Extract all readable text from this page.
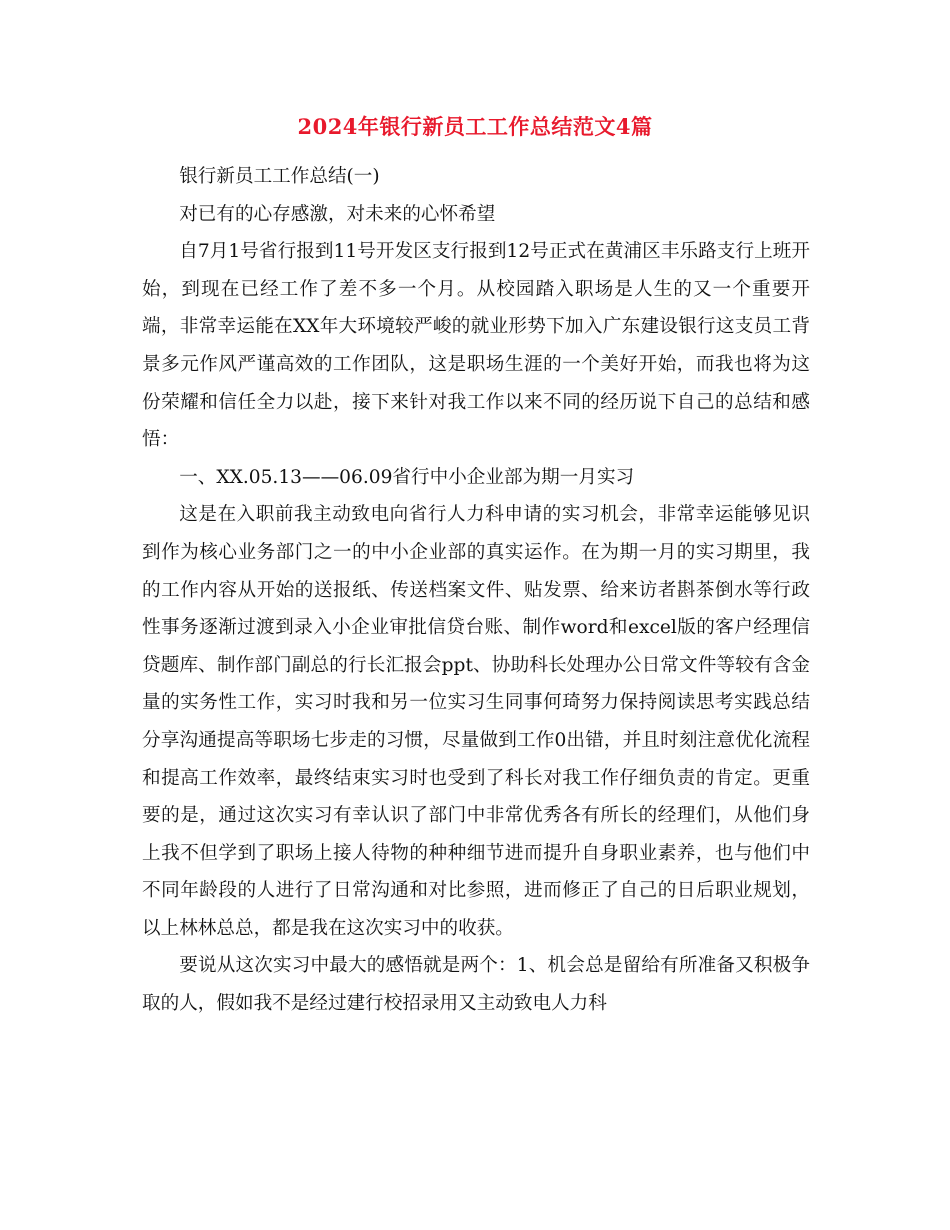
2024年银行新员工工作总结范文4篇

银行新员工工作总结(一)

对已有的心存感激，对未来的心怀希望

自7月1号省行报到11号开发区支行报到12号正式在黄浦区丰乐路支行上班开始，到现在已经工作了差不多一个月。从校园踏入职场是人生的又一个重要开端，非常幸运能在XX年大环境较严峻的就业形势下加入广东建设银行这支员工背景多元作风严谨高效的工作团队，这是职场生涯的一个美好开始，而我也将为这份荣耀和信任全力以赴，接下来针对我工作以来不同的经历说下自己的总结和感悟：

一、XX.05.13——06.09省行中小企业部为期一月实习

这是在入职前我主动致电向省行人力科申请的实习机会，非常幸运能够见识到作为核心业务部门之一的中小企业部的真实运作。在为期一月的实习期里，我的工作内容从开始的送报纸、传送档案文件、贴发票、给来访者斟茶倒水等行政性事务逐渐过渡到录入小企业审批信贷台账、制作word和excel版的客户经理信贷题库、制作部门副总的行长汇报会ppt、协助科长处理办公日常文件等较有含金量的实务性工作，实习时我和另一位实习生同事何琦努力保持阅读思考实践总结分享沟通提高等职场七步走的习惯，尽量做到工作0出错，并且时刻注意优化流程和提高工作效率，最终结束实习时也受到了科长对我工作仔细负责的肯定。更重要的是，通过这次实习有幸认识了部门中非常优秀各有所长的经理们，从他们身上我不但学到了职场上接人待物的种种细节进而提升自身职业素养，也与他们中不同年龄段的人进行了日常沟通和对比参照，进而修正了自己的日后职业规划，以上林林总总，都是我在这次实习中的收获。

要说从这次实习中最大的感悟就是两个：1、机会总是留给有所准备又积极争取的人，假如我不是经过建行校招录用又主动致电人力科
